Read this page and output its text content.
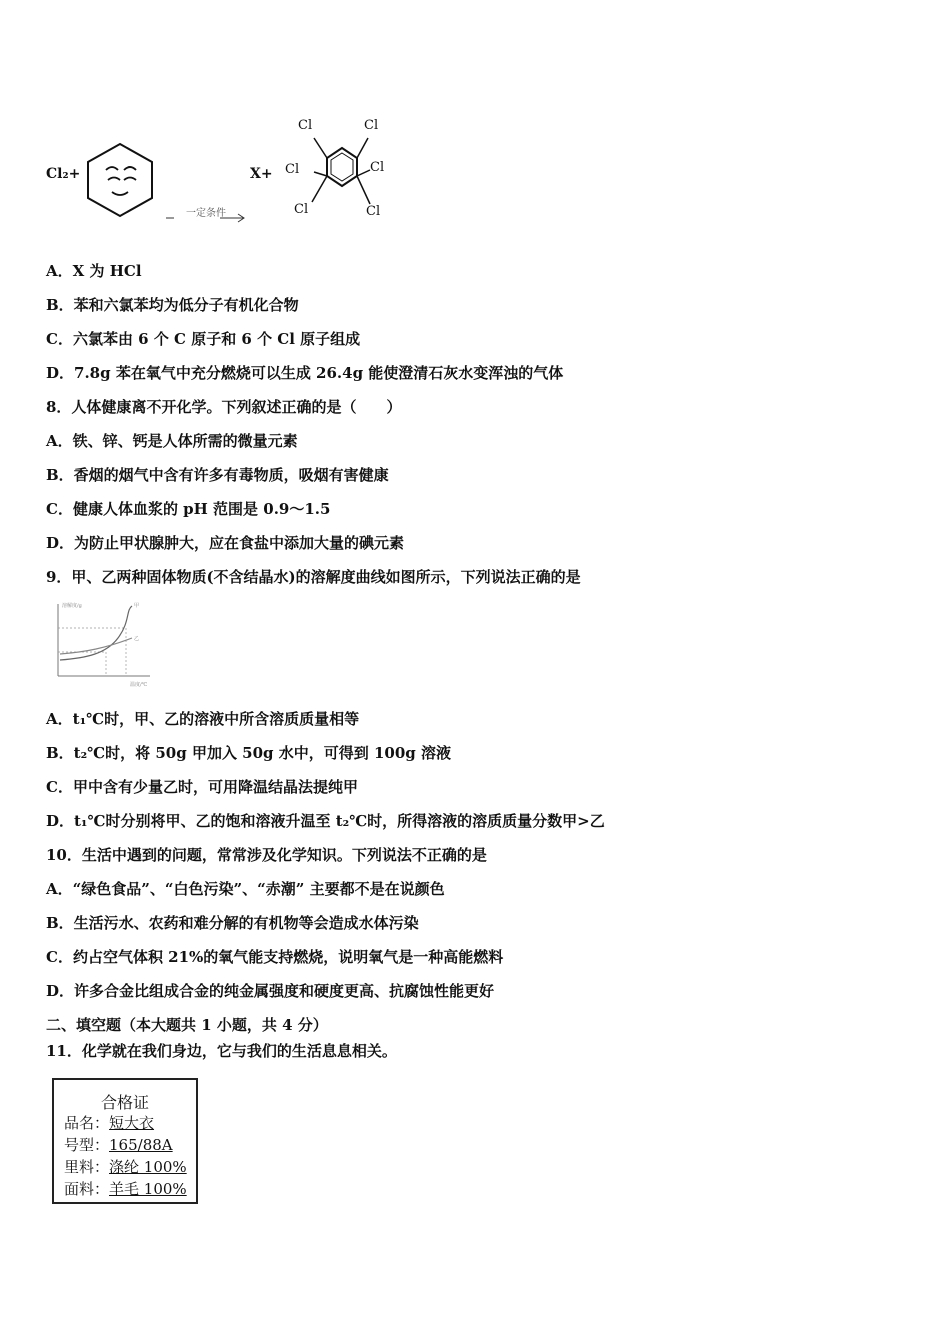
Cl₂+
一定条件
X+
Cl	Cl
Cl	Cl
Cl	Cl
A．X 为 HCl
B．苯和六氯苯均为低分子有机化合物
C．六氯苯由 6 个 C 原子和 6 个 Cl 原子组成
D．7.8g 苯在氧气中充分燃烧可以生成 26.4g 能使澄清石灰水变浑浊的气体
8．人体健康离不开化学。下列叙述正确的是（　　）
A．铁、锌、钙是人体所需的微量元素
B．香烟的烟气中含有许多有毒物质，吸烟有害健康
C．健康人体血浆的 pH 范围是 0.9～1.5
D．为防止甲状腺肿大，应在食盐中添加大量的碘元素
9．甲、乙两种固体物质(不含结晶水)的溶解度曲线如图所示，下列说法正确的是
溶解度/g
温度/℃
甲
乙
A．t₁℃时，甲、乙的溶液中所含溶质质量相等
B．t₂℃时，将 50g 甲加入 50g 水中，可得到 100g 溶液
C．甲中含有少量乙时，可用降温结晶法提纯甲
D．t₁℃时分别将甲、乙的饱和溶液升温至 t₂℃时，所得溶液的溶质质量分数甲>乙
10．生活中遇到的问题，常常涉及化学知识。下列说法不正确的是
A．“绿色食品”、“白色污染”、“赤潮” 主要都不是在说颜色
B．生活污水、农药和难分解的有机物等会造成水体污染
C．约占空气体积 21%的氧气能支持燃烧，说明氧气是一种高能燃料
D．许多合金比组成合金的纯金属强度和硬度更高、抗腐蚀性能更好
二、填空题（本大题共 1 小题，共 4 分）
11．化学就在我们身边，它与我们的生活息息相关。
合格证
品名：短大衣
号型：165/88A
里料：涤纶 100%
面料：羊毛 100%
